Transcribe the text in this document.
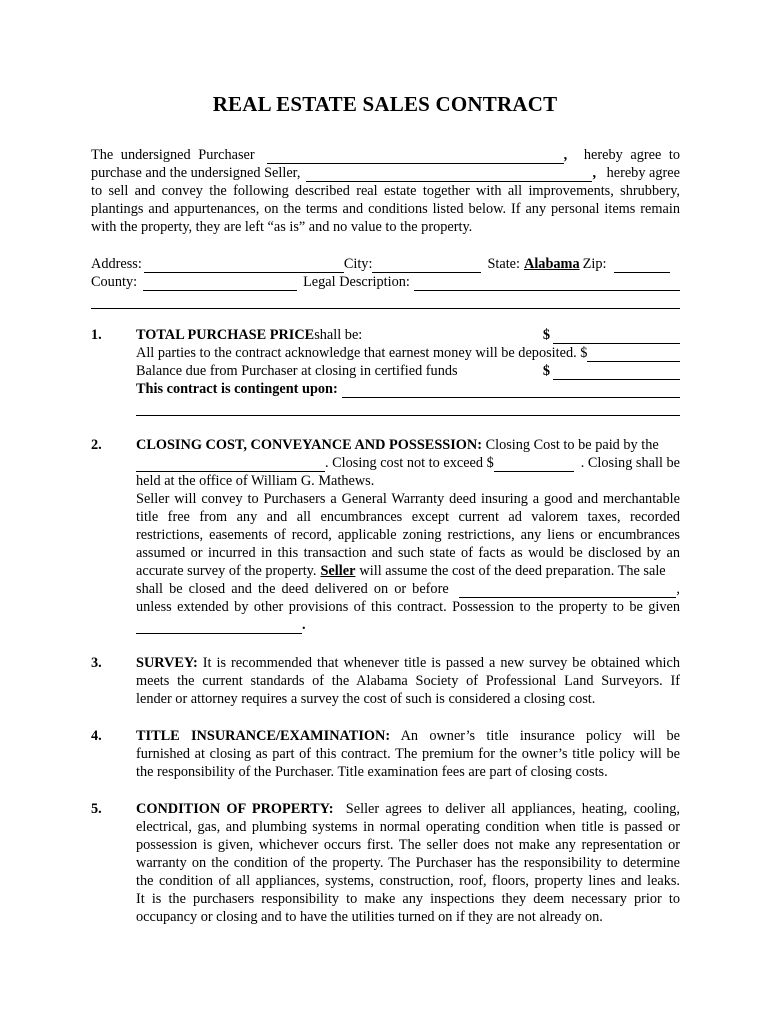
REAL ESTATE SALES CONTRACT
The undersigned Purchaser	, hereby agree to
purchase and the undersigned Seller,	, hereby agree
to sell and convey the following described real estate together with all improvements, shrubbery,
plantings and appurtenances, on the terms and conditions listed below. If any personal items remain
with the property, they are left “as is” and no value to the property.
Address:	City:	State: Alabama Zip:
County:	Legal Description:
1. TOTAL PURCHASE PRICE shall be:	$
All parties to the contract acknowledge that earnest money will be deposited. $
Balance due from Purchaser at closing in certified funds	$
This contract is contingent upon:
2. CLOSING COST, CONVEYANCE AND POSSESSION: Closing Cost to be paid by the
. Closing cost not to exceed $	. Closing shall be
held at the office of William G. Mathews.
Seller will convey to Purchasers a General Warranty deed insuring a good and merchantable
title free from any and all encumbrances except current ad valorem taxes, recorded
restrictions, easements of record, applicable zoning restrictions, any liens or encumbrances
assumed or incurred in this transaction and such state of facts as would be disclosed by an
accurate survey of the property. Seller will assume the cost of the deed preparation. The sale
shall be closed and the deed delivered on or before	,
unless extended by other provisions of this contract. Possession to the property to be given
.
3. SURVEY: It is recommended that whenever title is passed a new survey be obtained which
meets the current standards of the Alabama Society of Professional Land Surveyors. If
lender or attorney requires a survey the cost of such is considered a closing cost.
4. TITLE INSURANCE/EXAMINATION: An owner’s title insurance policy will be
furnished at closing as part of this contract. The premium for the owner’s title policy will be
the responsibility of the Purchaser. Title examination fees are part of closing costs.
5. CONDITION OF PROPERTY:  Seller agrees to deliver all appliances, heating, cooling,
electrical, gas, and plumbing systems in normal operating condition when title is passed or
possession is given, whichever occurs first. The seller does not make any representation or
warranty on the condition of the property. The Purchaser has the responsibility to determine
the condition of all appliances, systems, construction, roof, floors, property lines and leaks.
It is the purchasers responsibility to make any inspections they deem necessary prior to
occupancy or closing and to have the utilities turned on if they are not already on.
